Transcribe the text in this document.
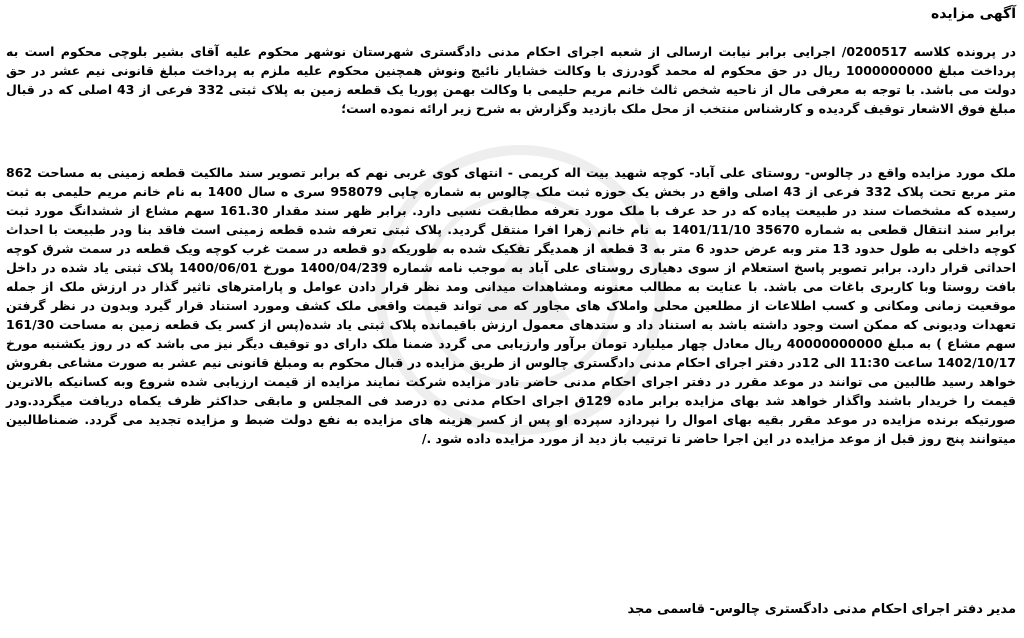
آگهی مزایده
در پرونده کلاسه 0200517/ اجرایی برابر نیابت ارسالی از شعبه اجرای احکام مدنی دادگستری شهرستان نوشهر محکوم علیه آقای بشیر بلوچی محکوم است به پرداخت مبلغ 1000000000 ریال در حق محکوم له محمد گودرزی با وکالت خشایار نائیج ونوش همچنین محکوم علیه ملزم به پرداخت مبلغ قانونی نیم عشر در حق دولت می باشد. با توجه به معرفی مال از ناحیه شخص ثالث خانم مریم حلیمی با وکالت بهمن پوریا یک قطعه زمین به پلاک ثبتی 332 فرعی از 43 اصلی که در قبال مبلغ فوق الاشعار توقیف گردیده و کارشناس منتخب از محل ملک بازدید وگزارش به شرح زیر ارائه نموده است؛
ملک مورد مزایده واقع در چالوس- روستای علی آباد- کوچه شهید بیت اله کریمی - انتهای کوی غربی نهم که برابر تصویر سند مالکیت قطعه زمینی به مساحت 862 متر مربع تحت پلاک 332 فرعی از 43 اصلی واقع در بخش یک حوزه ثبت ملک چالوس به شماره چاپی 958079 سری ه سال 1400 به نام خانم مریم حلیمی به ثبت رسیده که مشخصات سند در طبیعت پیاده که در حد عرف با ملک مورد تعرفه مطابقت نسبی دارد. برابر ظهر سند مقدار 161.30 سهم مشاع از ششدانگ مورد ثبت برابر سند انتقال قطعی به شماره 35670 1401/11/10 به نام خانم زهرا افرا منتقل گردید. پلاک ثبتی تعرفه شده قطعه زمینی است فاقد بنا ودر طبیعت با احداث کوچه داخلی به طول حدود 13 متر وبه عرض حدود 6 متر به 3 قطعه از همدیگر تفکیک شده به طوریکه دو قطعه در سمت غرب کوچه ویک قطعه در سمت شرق کوچه احداثی قرار دارد. برابر تصویر پاسخ استعلام از سوی دهیاری روستای علی آباد به موجب نامه شماره 1400/04/239 مورخ 1400/06/01 پلاک ثبتی یاد شده در داخل بافت روستا وبا کاربری باغات می باشد. با عنایت به مطالب معنونه ومشاهدات میدانی ومد نظر قرار دادن عوامل و پارامترهای تاثیر گذار در ارزش ملک از جمله موقعیت زمانی ومکانی و کسب اطلاعات از مطلعین محلی واملاک های مجاور که می تواند قیمت واقعی ملک کشف ومورد استناد قرار گیرد وبدون در نظر گرفتن تعهدات ودیونی که ممکن است وجود داشته باشد به استناد داد و ستدهای معمول ارزش باقیمانده پلاک ثبتی یاد شده(پس از کسر یک قطعه زمین به مساحت 161/30 سهم مشاع ) به مبلغ 40000000000 ریال معادل چهار میلیارد تومان برآور وارزیابی می گردد ضمنا ملک دارای دو توقیف دیگر نیز می باشد که در روز یکشنبه مورخ 1402/10/17 ساعت 11:30 الی 12در دفتر اجرای احکام مدنی دادگستری چالوس از طریق مزایده در قبال محکوم به ومبلغ قانونی نیم عشر به صورت مشاعی بفروش خواهد رسید طالبین می توانند در موعد مقرر در دفتر اجرای احکام مدنی حاضر تادر مزایده شرکت نمایند مزایده از قیمت ارزیابی شده شروع وبه کسانیکه بالاترین قیمت را خریدار باشند واگذار خواهد شد بهای مزایده برابر ماده 129ق اجرای احکام مدنی ده درصد فی المجلس و مابقی حداکثر ظرف یکماه دریافت میگردد.ودر صورتیکه برنده مزایده در موعد مقرر بقیه بهای اموال را نپردازد سپرده او پس از کسر هزینه های مزایده به نفع دولت ضبط و مزایده تجدید می گردد. ضمناطالبین میتوانند پنج روز قبل از موعد مزایده در این اجرا حاضر تا ترتیب باز دید از مورد مزایده داده شود ./
مدیر دفتر اجرای احکام مدنی دادگستری چالوس- قاسمی مجد
